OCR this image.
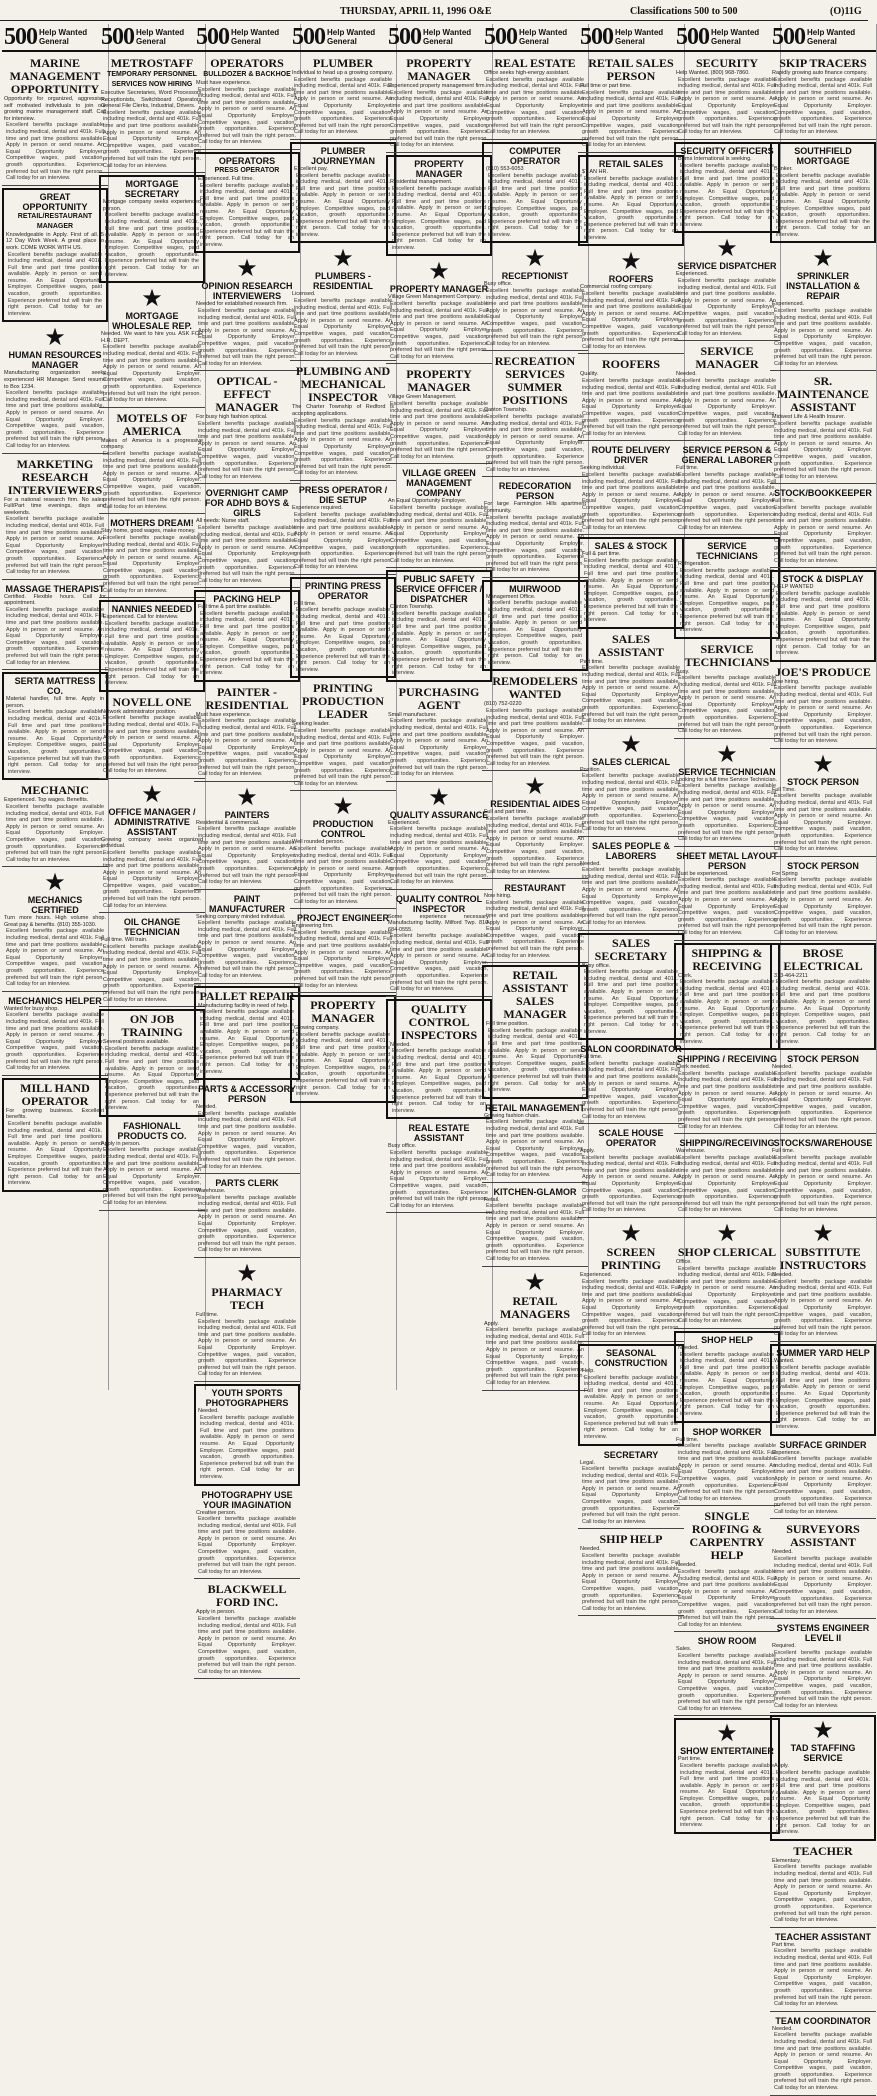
THURSDAY, APRIL 11, 1996 O&E	Classifications 500 to 500	(O)11G
500 Help Wanted
General
MARINE MANAGEMENT OPPORTUNITY
Opportunity for organized, aggressive, self motivated individuals to join our growing marine management staff. Call for interview.
Excellent benefits package available including medical, dental and 401k. Full time and part time positions available. Apply in person or send resume. An Equal Opportunity Employer. Competitive wages, paid vacation, growth opportunities. Experience preferred but will train the right person. Call today for an interview.
GREAT OPPORTUNITY
RETAIL/RESTAURANT MANAGER
Knowledgeable in Apply. First of all. 5 12 Day Work Week. A great place to work. COME WORK WITH US.
Excellent benefits package available including medical, dental and 401k. Full time and part time positions available. Apply in person or send resume. An Equal Opportunity Employer. Competitive wages, paid vacation, growth opportunities. Experience preferred but will train the right person. Call today for an interview.
★
HUMAN RESOURCES MANAGER
Manufacturing organization seeks experienced HR Manager. Send resume to Box 1234.
Excellent benefits package available including medical, dental and 401k. Full time and part time positions available. Apply in person or send resume. An Equal Opportunity Employer. Competitive wages, paid vacation, growth opportunities. Experience preferred but will train the right person. Call today for an interview.
MARKETING RESEARCH INTERVIEWERS
For a national research firm. No sales. Full/Part time evenings, days and weekends.
Excellent benefits package available including medical, dental and 401k. Full time and part time positions available. Apply in person or send resume. An Equal Opportunity Employer. Competitive wages, paid vacation, growth opportunities. Experience preferred but will train the right person. Call today for an interview.
MASSAGE THERAPIST
Certified. Flexible hours. Call for appointment.
Excellent benefits package available including medical, dental and 401k. Full time and part time positions available. Apply in person or send resume. An Equal Opportunity Employer. Competitive wages, paid vacation, growth opportunities. Experience preferred but will train the right person. Call today for an interview.
SERTA MATTRESS CO.
Material handler, full time. Apply in person.
Excellent benefits package available including medical, dental and 401k. Full time and part time positions available. Apply in person or send resume. An Equal Opportunity Employer. Competitive wages, paid vacation, growth opportunities. Experience preferred but will train the right person. Call today for an interview.
MECHANIC
Experienced. Top wages. Benefits.
Excellent benefits package available including medical, dental and 401k. Full time and part time positions available. Apply in person or send resume. An Equal Opportunity Employer. Competitive wages, paid vacation, growth opportunities. Experience preferred but will train the right person. Call today for an interview.
★
MECHANICS CERTIFIED
Turn more hours. High volume shop. Great pay & benefits. (810) 355-1030.
Excellent benefits package available including medical, dental and 401k. Full time and part time positions available. Apply in person or send resume. An Equal Opportunity Employer. Competitive wages, paid vacation, growth opportunities. Experience preferred but will train the right person. Call today for an interview.
MECHANICS HELPER
Wanted for busy shop.
Excellent benefits package available including medical, dental and 401k. Full time and part time positions available. Apply in person or send resume. An Equal Opportunity Employer. Competitive wages, paid vacation, growth opportunities. Experience preferred but will train the right person. Call today for an interview.
MILL HAND OPERATOR
For growing business. Excellent benefits.
Excellent benefits package available including medical, dental and 401k. Full time and part time positions available. Apply in person or send resume. An Equal Opportunity Employer. Competitive wages, paid vacation, growth opportunities. Experience preferred but will train the right person. Call today for an interview.
500 Help Wanted
General
METROSTAFF
TEMPORARY PERSONNEL SERVICES NOW HIRING
Executive Secretaries, Word Processors, Receptionists, Switchboard Operators, General File Clerks, Industrial, Drivers.
Excellent benefits package available including medical, dental and 401k. Full time and part time positions available. Apply in person or send resume. An Equal Opportunity Employer. Competitive wages, paid vacation, growth opportunities. Experience preferred but will train the right person. Call today for an interview.
MORTGAGE SECRETARY
Mortgage company seeks experienced person.
Excellent benefits package available including medical, dental and 401k. Full time and part time positions available. Apply in person or send resume. An Equal Opportunity Employer. Competitive wages, paid vacation, growth opportunities. Experience preferred but will train the right person. Call today for an interview.
★
MORTGAGE WHOLESALE REP.
Needed. We want to hire you. ASK FOR H.R. DEPT.
Excellent benefits package available including medical, dental and 401k. Full time and part time positions available. Apply in person or send resume. An Equal Opportunity Employer. Competitive wages, paid vacation, growth opportunities. Experience preferred but will train the right person. Call today for an interview.
MOTELS OF AMERICA
Makes of America is a progressive company.
Excellent benefits package available including medical, dental and 401k. Full time and part time positions available. Apply in person or send resume. An Equal Opportunity Employer. Competitive wages, paid vacation, growth opportunities. Experience preferred but will train the right person. Call today for an interview.
MOTHERS DREAM!
Stay home, good wages, make money.
Excellent benefits package available including medical, dental and 401k. Full time and part time positions available. Apply in person or send resume. An Equal Opportunity Employer. Competitive wages, paid vacation, growth opportunities. Experience preferred but will train the right person. Call today for an interview.
NANNIES NEEDED
Experienced. Call for interview.
Excellent benefits package available including medical, dental and 401k. Full time and part time positions available. Apply in person or send resume. An Equal Opportunity Employer. Competitive wages, paid vacation, growth opportunities. Experience preferred but will train the right person. Call today for an interview.
NOVELL ONE
Network administrator position.
Excellent benefits package available including medical, dental and 401k. Full time and part time positions available. Apply in person or send resume. An Equal Opportunity Employer. Competitive wages, paid vacation, growth opportunities. Experience preferred but will train the right person. Call today for an interview.
★
OFFICE MANAGER / ADMINISTRATIVE ASSISTANT
Growing company seeks organized individual.
Excellent benefits package available including medical, dental and 401k. Full time and part time positions available. Apply in person or send resume. An Equal Opportunity Employer. Competitive wages, paid vacation, growth opportunities. Experience preferred but will train the right person. Call today for an interview.
OIL CHANGE TECHNICIAN
Full time. Will train.
Excellent benefits package available including medical, dental and 401k. Full time and part time positions available. Apply in person or send resume. An Equal Opportunity Employer. Competitive wages, paid vacation, growth opportunities. Experience preferred but will train the right person. Call today for an interview.
ON JOB TRAINING
Several positions available.
Excellent benefits package available including medical, dental and 401k. Full time and part time positions available. Apply in person or send resume. An Equal Opportunity Employer. Competitive wages, paid vacation, growth opportunities. Experience preferred but will train the right person. Call today for an interview.
FASHIONALL PRODUCTS CO.
Apply in person.
Excellent benefits package available including medical, dental and 401k. Full time and part time positions available. Apply in person or send resume. An Equal Opportunity Employer. Competitive wages, paid vacation, growth opportunities. Experience preferred but will train the right person. Call today for an interview.
500 Help Wanted
General
OPERATORS
BULLDOZER & BACKHOE
Must have experience.
Excellent benefits package available including medical, dental and 401k. Full time and part time positions available. Apply in person or send resume. An Equal Opportunity Employer. Competitive wages, paid vacation, growth opportunities. Experience preferred but will train the right person. Call today for an interview.
OPERATORS
PRESS OPERATOR
Experienced. Full time.
Excellent benefits package available including medical, dental and 401k. Full time and part time positions available. Apply in person or send resume. An Equal Opportunity Employer. Competitive wages, paid vacation, growth opportunities. Experience preferred but will train the right person. Call today for an interview.
★
OPINION RESEARCH INTERVIEWERS
Needed for established research firm.
Excellent benefits package available including medical, dental and 401k. Full time and part time positions available. Apply in person or send resume. An Equal Opportunity Employer. Competitive wages, paid vacation, growth opportunities. Experience preferred but will train the right person. Call today for an interview.
OPTICAL - EFFECT MANAGER
For busy high fashion optical.
Excellent benefits package available including medical, dental and 401k. Full time and part time positions available. Apply in person or send resume. An Equal Opportunity Employer. Competitive wages, paid vacation, growth opportunities. Experience preferred but will train the right person. Call today for an interview.
OVERNIGHT CAMP FOR ADHD BOYS & GIRLS
All needs: Nurse staff.
Excellent benefits package available including medical, dental and 401k. Full time and part time positions available. Apply in person or send resume. An Equal Opportunity Employer. Competitive wages, paid vacation, growth opportunities. Experience preferred but will train the right person. Call today for an interview.
PACKING HELP
Full time & part time available.
Excellent benefits package available including medical, dental and 401k. Full time and part time positions available. Apply in person or send resume. An Equal Opportunity Employer. Competitive wages, paid vacation, growth opportunities. Experience preferred but will train the right person. Call today for an interview.
PAINTER - RESIDENTIAL
Must have experience.
Excellent benefits package available including medical, dental and 401k. Full time and part time positions available. Apply in person or send resume. An Equal Opportunity Employer. Competitive wages, paid vacation, growth opportunities. Experience preferred but will train the right person. Call today for an interview.
★
PAINTERS
Residential & commercial.
Excellent benefits package available including medical, dental and 401k. Full time and part time positions available. Apply in person or send resume. An Equal Opportunity Employer. Competitive wages, paid vacation, growth opportunities. Experience preferred but will train the right person. Call today for an interview.
PAINT MANUFACTURER
Seeking company minded individual.
Excellent benefits package available including medical, dental and 401k. Full time and part time positions available. Apply in person or send resume. An Equal Opportunity Employer. Competitive wages, paid vacation, growth opportunities. Experience preferred but will train the right person. Call today for an interview.
PALLET REPAIR
Manufacturing facility in need of help.
Excellent benefits package available including medical, dental and 401k. Full time and part time positions available. Apply in person or send resume. An Equal Opportunity Employer. Competitive wages, paid vacation, growth opportunities. Experience preferred but will train the right person. Call today for an interview.
PARTS & ACCESSORY PERSON
Needed.
Excellent benefits package available including medical, dental and 401k. Full time and part time positions available. Apply in person or send resume. An Equal Opportunity Employer. Competitive wages, paid vacation, growth opportunities. Experience preferred but will train the right person. Call today for an interview.
PARTS CLERK
Warehouse.
Excellent benefits package available including medical, dental and 401k. Full time and part time positions available. Apply in person or send resume. An Equal Opportunity Employer. Competitive wages, paid vacation, growth opportunities. Experience preferred but will train the right person. Call today for an interview.
★
PHARMACY TECH
Full time.
Excellent benefits package available including medical, dental and 401k. Full time and part time positions available. Apply in person or send resume. An Equal Opportunity Employer. Competitive wages, paid vacation, growth opportunities. Experience preferred but will train the right person. Call today for an interview.
YOUTH SPORTS PHOTOGRAPHERS
Needed.
Excellent benefits package available including medical, dental and 401k. Full time and part time positions available. Apply in person or send resume. An Equal Opportunity Employer. Competitive wages, paid vacation, growth opportunities. Experience preferred but will train the right person. Call today for an interview.
PHOTOGRAPHY USE YOUR IMAGINATION
Creative person.
Excellent benefits package available including medical, dental and 401k. Full time and part time positions available. Apply in person or send resume. An Equal Opportunity Employer. Competitive wages, paid vacation, growth opportunities. Experience preferred but will train the right person. Call today for an interview.
BLACKWELL FORD INC.
Apply in person.
Excellent benefits package available including medical, dental and 401k. Full time and part time positions available. Apply in person or send resume. An Equal Opportunity Employer. Competitive wages, paid vacation, growth opportunities. Experience preferred but will train the right person. Call today for an interview.
500 Help Wanted
General
PLUMBER
Individual to head up a growing company.
Excellent benefits package available including medical, dental and 401k. Full time and part time positions available. Apply in person or send resume. An Equal Opportunity Employer. Competitive wages, paid vacation, growth opportunities. Experience preferred but will train the right person. Call today for an interview.
PLUMBER JOURNEYMAN
Excellent pay.
Excellent benefits package available including medical, dental and 401k. Full time and part time positions available. Apply in person or send resume. An Equal Opportunity Employer. Competitive wages, paid vacation, growth opportunities. Experience preferred but will train the right person. Call today for an interview.
★
PLUMBERS - RESIDENTIAL
Licensed.
Excellent benefits package available including medical, dental and 401k. Full time and part time positions available. Apply in person or send resume. An Equal Opportunity Employer. Competitive wages, paid vacation, growth opportunities. Experience preferred but will train the right person. Call today for an interview.
PLUMBING AND MECHANICAL INSPECTOR
The Charter Township of Redford is accepting applications.
Excellent benefits package available including medical, dental and 401k. Full time and part time positions available. Apply in person or send resume. An Equal Opportunity Employer. Competitive wages, paid vacation, growth opportunities. Experience preferred but will train the right person. Call today for an interview.
PRESS OPERATOR / DIE SETUP
Experience required.
Excellent benefits package available including medical, dental and 401k. Full time and part time positions available. Apply in person or send resume. An Equal Opportunity Employer. Competitive wages, paid vacation, growth opportunities. Experience preferred but will train the right person. Call today for an interview.
PRINTING PRESS OPERATOR
Full time.
Excellent benefits package available including medical, dental and 401k. Full time and part time positions available. Apply in person or send resume. An Equal Opportunity Employer. Competitive wages, paid vacation, growth opportunities. Experience preferred but will train the right person. Call today for an interview.
PRINTING PRODUCTION LEADER
Seeking leader.
Excellent benefits package available including medical, dental and 401k. Full time and part time positions available. Apply in person or send resume. An Equal Opportunity Employer. Competitive wages, paid vacation, growth opportunities. Experience preferred but will train the right person. Call today for an interview.
★
PRODUCTION CONTROL
Well rounded person.
Excellent benefits package available including medical, dental and 401k. Full time and part time positions available. Apply in person or send resume. An Equal Opportunity Employer. Competitive wages, paid vacation, growth opportunities. Experience preferred but will train the right person. Call today for an interview.
PROJECT ENGINEER
Engineering firm.
Excellent benefits package available including medical, dental and 401k. Full time and part time positions available. Apply in person or send resume. An Equal Opportunity Employer. Competitive wages, paid vacation, growth opportunities. Experience preferred but will train the right person. Call today for an interview.
PROPERTY MANAGER
Growing company.
Excellent benefits package available including medical, dental and 401k. Full time and part time positions available. Apply in person or send resume. An Equal Opportunity Employer. Competitive wages, paid vacation, growth opportunities. Experience preferred but will train the right person. Call today for an interview.
500 Help Wanted
General
PROPERTY MANAGER
Experienced property management firm.
Excellent benefits package available including medical, dental and 401k. Full time and part time positions available. Apply in person or send resume. An Equal Opportunity Employer. Competitive wages, paid vacation, growth opportunities. Experience preferred but will train the right person. Call today for an interview.
PROPERTY MANAGER
Residential management.
Excellent benefits package available including medical, dental and 401k. Full time and part time positions available. Apply in person or send resume. An Equal Opportunity Employer. Competitive wages, paid vacation, growth opportunities. Experience preferred but will train the right person. Call today for an interview.
★
PROPERTY MANAGER
Village Green Management Company.
Excellent benefits package available including medical, dental and 401k. Full time and part time positions available. Apply in person or send resume. An Equal Opportunity Employer. Competitive wages, paid vacation, growth opportunities. Experience preferred but will train the right person. Call today for an interview.
PROPERTY MANAGER
Village Green Management.
Excellent benefits package available including medical, dental and 401k. Full time and part time positions available. Apply in person or send resume. An Equal Opportunity Employer. Competitive wages, paid vacation, growth opportunities. Experience preferred but will train the right person. Call today for an interview.
VILLAGE GREEN MANAGEMENT COMPANY
An Equal Opportunity Employer.
Excellent benefits package available including medical, dental and 401k. Full time and part time positions available. Apply in person or send resume. An Equal Opportunity Employer. Competitive wages, paid vacation, growth opportunities. Experience preferred but will train the right person. Call today for an interview.
PUBLIC SAFETY SERVICE OFFICER / DISPATCHER
Canton Township.
Excellent benefits package available including medical, dental and 401k. Full time and part time positions available. Apply in person or send resume. An Equal Opportunity Employer. Competitive wages, paid vacation, growth opportunities. Experience preferred but will train the right person. Call today for an interview.
PURCHASING AGENT
Small manufacturer.
Excellent benefits package available including medical, dental and 401k. Full time and part time positions available. Apply in person or send resume. An Equal Opportunity Employer. Competitive wages, paid vacation, growth opportunities. Experience preferred but will train the right person. Call today for an interview.
★
QUALITY ASSURANCE
Experienced.
Excellent benefits package available including medical, dental and 401k. Full time and part time positions available. Apply in person or send resume. An Equal Opportunity Employer. Competitive wages, paid vacation, growth opportunities. Experience preferred but will train the right person. Call today for an interview.
QUALITY CONTROL INSPECTOR
Some experience necessary. Manufacturing facility. Milford Twp. 810-684-0555.
Excellent benefits package available including medical, dental and 401k. Full time and part time positions available. Apply in person or send resume. An Equal Opportunity Employer. Competitive wages, paid vacation, growth opportunities. Experience preferred but will train the right person. Call today for an interview.
QUALITY CONTROL INSPECTORS
Needed.
Excellent benefits package available including medical, dental and 401k. Full time and part time positions available. Apply in person or send resume. An Equal Opportunity Employer. Competitive wages, paid vacation, growth opportunities. Experience preferred but will train the right person. Call today for an interview.
REAL ESTATE ASSISTANT
Busy office.
Excellent benefits package available including medical, dental and 401k. Full time and part time positions available. Apply in person or send resume. An Equal Opportunity Employer. Competitive wages, paid vacation, growth opportunities. Experience preferred but will train the right person. Call today for an interview.
500 Help Wanted
General
REAL ESTATE
Office seeks high-energy assistant.
Excellent benefits package available including medical, dental and 401k. Full time and part time positions available. Apply in person or send resume. An Equal Opportunity Employer. Competitive wages, paid vacation, growth opportunities. Experience preferred but will train the right person. Call today for an interview.
COMPUTER OPERATOR
(810) 553-6053
Excellent benefits package available including medical, dental and 401k. Full time and part time positions available. Apply in person or send resume. An Equal Opportunity Employer. Competitive wages, paid vacation, growth opportunities. Experience preferred but will train the right person. Call today for an interview.
★
RECEPTIONIST
Busy office.
Excellent benefits package available including medical, dental and 401k. Full time and part time positions available. Apply in person or send resume. An Equal Opportunity Employer. Competitive wages, paid vacation, growth opportunities. Experience preferred but will train the right person. Call today for an interview.
RECREATION SERVICES SUMMER POSITIONS
Canton Township.
Excellent benefits package available including medical, dental and 401k. Full time and part time positions available. Apply in person or send resume. An Equal Opportunity Employer. Competitive wages, paid vacation, growth opportunities. Experience preferred but will train the right person. Call today for an interview.
REDECORATION PERSON
For large Farmington Hills apartment community.
Excellent benefits package available including medical, dental and 401k. Full time and part time positions available. Apply in person or send resume. An Equal Opportunity Employer. Competitive wages, paid vacation, growth opportunities. Experience preferred but will train the right person. Call today for an interview.
MUIRWOOD
Management Office.
Excellent benefits package available including medical, dental and 401k. Full time and part time positions available. Apply in person or send resume. An Equal Opportunity Employer. Competitive wages, paid vacation, growth opportunities. Experience preferred but will train the right person. Call today for an interview.
REMODELERS WANTED
(810) 752-0220
Excellent benefits package available including medical, dental and 401k. Full time and part time positions available. Apply in person or send resume. An Equal Opportunity Employer. Competitive wages, paid vacation, growth opportunities. Experience preferred but will train the right person. Call today for an interview.
★
RESIDENTIAL AIDES
Full and part time.
Excellent benefits package available including medical, dental and 401k. Full time and part time positions available. Apply in person or send resume. An Equal Opportunity Employer. Competitive wages, paid vacation, growth opportunities. Experience preferred but will train the right person. Call today for an interview.
RESTAURANT
Now hiring.
Excellent benefits package available including medical, dental and 401k. Full time and part time positions available. Apply in person or send resume. An Equal Opportunity Employer. Competitive wages, paid vacation, growth opportunities. Experience preferred but will train the right person. Call today for an interview.
RETAIL ASSISTANT SALES MANAGER
Full time position.
Excellent benefits package available including medical, dental and 401k. Full time and part time positions available. Apply in person or send resume. An Equal Opportunity Employer. Competitive wages, paid vacation, growth opportunities. Experience preferred but will train the right person. Call today for an interview.
RETAIL MANAGEMENT
Growing fashion chain.
Excellent benefits package available including medical, dental and 401k. Full time and part time positions available. Apply in person or send resume. An Equal Opportunity Employer. Competitive wages, paid vacation, growth opportunities. Experience preferred but will train the right person. Call today for an interview.
KITCHEN-GLAMOR
Retail.
Excellent benefits package available including medical, dental and 401k. Full time and part time positions available. Apply in person or send resume. An Equal Opportunity Employer. Competitive wages, paid vacation, growth opportunities. Experience preferred but will train the right person. Call today for an interview.
★
RETAIL MANAGERS
Apply.
Excellent benefits package available including medical, dental and 401k. Full time and part time positions available. Apply in person or send resume. An Equal Opportunity Employer. Competitive wages, paid vacation, growth opportunities. Experience preferred but will train the right person. Call today for an interview.
500 Help Wanted
General
RETAIL SALES PERSON
Full time or part time.
Excellent benefits package available including medical, dental and 401k. Full time and part time positions available. Apply in person or send resume. An Equal Opportunity Employer. Competitive wages, paid vacation, growth opportunities. Experience preferred but will train the right person. Call today for an interview.
RETAIL SALES
$7 AN HR.
Excellent benefits package available including medical, dental and 401k. Full time and part time positions available. Apply in person or send resume. An Equal Opportunity Employer. Competitive wages, paid vacation, growth opportunities. Experience preferred but will train the right person. Call today for an interview.
★
ROOFERS
Commercial roofing company.
Excellent benefits package available including medical, dental and 401k. Full time and part time positions available. Apply in person or send resume. An Equal Opportunity Employer. Competitive wages, paid vacation, growth opportunities. Experience preferred but will train the right person. Call today for an interview.
ROOFERS
Quality.
Excellent benefits package available including medical, dental and 401k. Full time and part time positions available. Apply in person or send resume. An Equal Opportunity Employer. Competitive wages, paid vacation, growth opportunities. Experience preferred but will train the right person. Call today for an interview.
ROUTE DELIVERY DRIVER
Seeking individual.
Excellent benefits package available including medical, dental and 401k. Full time and part time positions available. Apply in person or send resume. An Equal Opportunity Employer. Competitive wages, paid vacation, growth opportunities. Experience preferred but will train the right person. Call today for an interview.
SALES & STOCK
Full & part time.
Excellent benefits package available including medical, dental and 401k. Full time and part time positions available. Apply in person or send resume. An Equal Opportunity Employer. Competitive wages, paid vacation, growth opportunities. Experience preferred but will train the right person. Call today for an interview.
SALES ASSISTANT
Part time.
Excellent benefits package available including medical, dental and 401k. Full time and part time positions available. Apply in person or send resume. An Equal Opportunity Employer. Competitive wages, paid vacation, growth opportunities. Experience preferred but will train the right person. Call today for an interview.
★
SALES CLERICAL
Position.
Excellent benefits package available including medical, dental and 401k. Full time and part time positions available. Apply in person or send resume. An Equal Opportunity Employer. Competitive wages, paid vacation, growth opportunities. Experience preferred but will train the right person. Call today for an interview.
SALES PEOPLE & LABORERS
Needed.
Excellent benefits package available including medical, dental and 401k. Full time and part time positions available. Apply in person or send resume. An Equal Opportunity Employer. Competitive wages, paid vacation, growth opportunities. Experience preferred but will train the right person. Call today for an interview.
SALES SECRETARY
Busy office.
Excellent benefits package available including medical, dental and 401k. Full time and part time positions available. Apply in person or send resume. An Equal Opportunity Employer. Competitive wages, paid vacation, growth opportunities. Experience preferred but will train the right person. Call today for an interview.
SALON COORDINATOR
Full time.
Excellent benefits package available including medical, dental and 401k. Full time and part time positions available. Apply in person or send resume. An Equal Opportunity Employer. Competitive wages, paid vacation, growth opportunities. Experience preferred but will train the right person. Call today for an interview.
SCALE HOUSE OPERATOR
Apply.
Excellent benefits package available including medical, dental and 401k. Full time and part time positions available. Apply in person or send resume. An Equal Opportunity Employer. Competitive wages, paid vacation, growth opportunities. Experience preferred but will train the right person. Call today for an interview.
★
SCREEN PRINTING
Experienced.
Excellent benefits package available including medical, dental and 401k. Full time and part time positions available. Apply in person or send resume. An Equal Opportunity Employer. Competitive wages, paid vacation, growth opportunities. Experience preferred but will train the right person. Call today for an interview.
SEASONAL CONSTRUCTION
Help.
Excellent benefits package available including medical, dental and 401k. Full time and part time positions available. Apply in person or send resume. An Equal Opportunity Employer. Competitive wages, paid vacation, growth opportunities. Experience preferred but will train the right person. Call today for an interview.
SECRETARY
Legal.
Excellent benefits package available including medical, dental and 401k. Full time and part time positions available. Apply in person or send resume. An Equal Opportunity Employer. Competitive wages, paid vacation, growth opportunities. Experience preferred but will train the right person. Call today for an interview.
SHIP HELP
Needed.
Excellent benefits package available including medical, dental and 401k. Full time and part time positions available. Apply in person or send resume. An Equal Opportunity Employer. Competitive wages, paid vacation, growth opportunities. Experience preferred but will train the right person. Call today for an interview.
500 Help Wanted
General
SECURITY
Help Wanted. (800) 968-7860.
Excellent benefits package available including medical, dental and 401k. Full time and part time positions available. Apply in person or send resume. An Equal Opportunity Employer. Competitive wages, paid vacation, growth opportunities. Experience preferred but will train the right person. Call today for an interview.
SECURITY OFFICERS
Burns International is seeking.
Excellent benefits package available including medical, dental and 401k. Full time and part time positions available. Apply in person or send resume. An Equal Opportunity Employer. Competitive wages, paid vacation, growth opportunities. Experience preferred but will train the right person. Call today for an interview.
★
SERVICE DISPATCHER
Experienced.
Excellent benefits package available including medical, dental and 401k. Full time and part time positions available. Apply in person or send resume. An Equal Opportunity Employer. Competitive wages, paid vacation, growth opportunities. Experience preferred but will train the right person. Call today for an interview.
SERVICE MANAGER
Needed.
Excellent benefits package available including medical, dental and 401k. Full time and part time positions available. Apply in person or send resume. An Equal Opportunity Employer. Competitive wages, paid vacation, growth opportunities. Experience preferred but will train the right person. Call today for an interview.
SERVICE PERSON & GENERAL LABORER
Full time.
Excellent benefits package available including medical, dental and 401k. Full time and part time positions available. Apply in person or send resume. An Equal Opportunity Employer. Competitive wages, paid vacation, growth opportunities. Experience preferred but will train the right person. Call today for an interview.
SERVICE TECHNICIANS
Refrigeration.
Excellent benefits package available including medical, dental and 401k. Full time and part time positions available. Apply in person or send resume. An Equal Opportunity Employer. Competitive wages, paid vacation, growth opportunities. Experience preferred but will train the right person. Call today for an interview.
SERVICE TECHNICIANS
Busy.
Excellent benefits package available including medical, dental and 401k. Full time and part time positions available. Apply in person or send resume. An Equal Opportunity Employer. Competitive wages, paid vacation, growth opportunities. Experience preferred but will train the right person. Call today for an interview.
★
SERVICE TECHNICIAN
Looking for a full time Service Technician.
Excellent benefits package available including medical, dental and 401k. Full time and part time positions available. Apply in person or send resume. An Equal Opportunity Employer. Competitive wages, paid vacation, growth opportunities. Experience preferred but will train the right person. Call today for an interview.
SHEET METAL LAYOUT PERSON
Must be experienced.
Excellent benefits package available including medical, dental and 401k. Full time and part time positions available. Apply in person or send resume. An Equal Opportunity Employer. Competitive wages, paid vacation, growth opportunities. Experience preferred but will train the right person. Call today for an interview.
SHIPPING & RECEIVING
Clerk.
Excellent benefits package available including medical, dental and 401k. Full time and part time positions available. Apply in person or send resume. An Equal Opportunity Employer. Competitive wages, paid vacation, growth opportunities. Experience preferred but will train the right person. Call today for an interview.
SHIPPING / RECEIVING
Clerk needed.
Excellent benefits package available including medical, dental and 401k. Full time and part time positions available. Apply in person or send resume. An Equal Opportunity Employer. Competitive wages, paid vacation, growth opportunities. Experience preferred but will train the right person. Call today for an interview.
SHIPPING/RECEIVING
Warehouse.
Excellent benefits package available including medical, dental and 401k. Full time and part time positions available. Apply in person or send resume. An Equal Opportunity Employer. Competitive wages, paid vacation, growth opportunities. Experience preferred but will train the right person. Call today for an interview.
★
SHOP CLERICAL
Office.
Excellent benefits package available including medical, dental and 401k. Full time and part time positions available. Apply in person or send resume. An Equal Opportunity Employer. Competitive wages, paid vacation, growth opportunities. Experience preferred but will train the right person. Call today for an interview.
SHOP HELP
Needed.
Excellent benefits package available including medical, dental and 401k. Full time and part time positions available. Apply in person or send resume. An Equal Opportunity Employer. Competitive wages, paid vacation, growth opportunities. Experience preferred but will train the right person. Call today for an interview.
SHOP WORKER
Full time.
Excellent benefits package available including medical, dental and 401k. Full time and part time positions available. Apply in person or send resume. An Equal Opportunity Employer. Competitive wages, paid vacation, growth opportunities. Experience preferred but will train the right person. Call today for an interview.
SINGLE ROOFING & CARPENTRY HELP
Needed.
Excellent benefits package available including medical, dental and 401k. Full time and part time positions available. Apply in person or send resume. An Equal Opportunity Employer. Competitive wages, paid vacation, growth opportunities. Experience preferred but will train the right person. Call today for an interview.
SHOW ROOM
Sales.
Excellent benefits package available including medical, dental and 401k. Full time and part time positions available. Apply in person or send resume. An Equal Opportunity Employer. Competitive wages, paid vacation, growth opportunities. Experience preferred but will train the right person. Call today for an interview.
★
SHOW ENTERTAINER
Part time.
Excellent benefits package available including medical, dental and 401k. Full time and part time positions available. Apply in person or send resume. An Equal Opportunity Employer. Competitive wages, paid vacation, growth opportunities. Experience preferred but will train the right person. Call today for an interview.
500 Help Wanted
General
SKIP TRACERS
Rapidly growing auto finance company.
Excellent benefits package available including medical, dental and 401k. Full time and part time positions available. Apply in person or send resume. An Equal Opportunity Employer. Competitive wages, paid vacation, growth opportunities. Experience preferred but will train the right person. Call today for an interview.
SOUTHFIELD MORTGAGE
Banker.
Excellent benefits package available including medical, dental and 401k. Full time and part time positions available. Apply in person or send resume. An Equal Opportunity Employer. Competitive wages, paid vacation, growth opportunities. Experience preferred but will train the right person. Call today for an interview.
★
SPRINKLER INSTALLATION & REPAIR
Experienced.
Excellent benefits package available including medical, dental and 401k. Full time and part time positions available. Apply in person or send resume. An Equal Opportunity Employer. Competitive wages, paid vacation, growth opportunities. Experience preferred but will train the right person. Call today for an interview.
SR. MAINTENANCE ASSISTANT
Midwest Life & Health Insurer.
Excellent benefits package available including medical, dental and 401k. Full time and part time positions available. Apply in person or send resume. An Equal Opportunity Employer. Competitive wages, paid vacation, growth opportunities. Experience preferred but will train the right person. Call today for an interview.
STOCK/BOOKKEEPER
Full time.
Excellent benefits package available including medical, dental and 401k. Full time and part time positions available. Apply in person or send resume. An Equal Opportunity Employer. Competitive wages, paid vacation, growth opportunities. Experience preferred but will train the right person. Call today for an interview.
STOCK & DISPLAY
HELP WANTED
Excellent benefits package available including medical, dental and 401k. Full time and part time positions available. Apply in person or send resume. An Equal Opportunity Employer. Competitive wages, paid vacation, growth opportunities. Experience preferred but will train the right person. Call today for an interview.
JOE'S PRODUCE
Now hiring.
Excellent benefits package available including medical, dental and 401k. Full time and part time positions available. Apply in person or send resume. An Equal Opportunity Employer. Competitive wages, paid vacation, growth opportunities. Experience preferred but will train the right person. Call today for an interview.
★
STOCK PERSON
Full Time.
Excellent benefits package available including medical, dental and 401k. Full time and part time positions available. Apply in person or send resume. An Equal Opportunity Employer. Competitive wages, paid vacation, growth opportunities. Experience preferred but will train the right person. Call today for an interview.
STOCK PERSON
For Spring
Excellent benefits package available including medical, dental and 401k. Full time and part time positions available. Apply in person or send resume. An Equal Opportunity Employer. Competitive wages, paid vacation, growth opportunities. Experience preferred but will train the right person. Call today for an interview.
BROSE ELECTRICAL
313-464-2211
Excellent benefits package available including medical, dental and 401k. Full time and part time positions available. Apply in person or send resume. An Equal Opportunity Employer. Competitive wages, paid vacation, growth opportunities. Experience preferred but will train the right person. Call today for an interview.
STOCK PERSON
Needed.
Excellent benefits package available including medical, dental and 401k. Full time and part time positions available. Apply in person or send resume. An Equal Opportunity Employer. Competitive wages, paid vacation, growth opportunities. Experience preferred but will train the right person. Call today for an interview.
STOCKS/WAREHOUSE
Full time.
Excellent benefits package available including medical, dental and 401k. Full time and part time positions available. Apply in person or send resume. An Equal Opportunity Employer. Competitive wages, paid vacation, growth opportunities. Experience preferred but will train the right person. Call today for an interview.
★
SUBSTITUTE INSTRUCTORS
Needed.
Excellent benefits package available including medical, dental and 401k. Full time and part time positions available. Apply in person or send resume. An Equal Opportunity Employer. Competitive wages, paid vacation, growth opportunities. Experience preferred but will train the right person. Call today for an interview.
SUMMER YARD HELP
Wanted.
Excellent benefits package available including medical, dental and 401k. Full time and part time positions available. Apply in person or send resume. An Equal Opportunity Employer. Competitive wages, paid vacation, growth opportunities. Experience preferred but will train the right person. Call today for an interview.
SURFACE GRINDER
Experience.
Excellent benefits package available including medical, dental and 401k. Full time and part time positions available. Apply in person or send resume. An Equal Opportunity Employer. Competitive wages, paid vacation, growth opportunities. Experience preferred but will train the right person. Call today for an interview.
SURVEYORS ASSISTANT
Needed.
Excellent benefits package available including medical, dental and 401k. Full time and part time positions available. Apply in person or send resume. An Equal Opportunity Employer. Competitive wages, paid vacation, growth opportunities. Experience preferred but will train the right person. Call today for an interview.
SYSTEMS ENGINEER LEVEL II
Required.
Excellent benefits package available including medical, dental and 401k. Full time and part time positions available. Apply in person or send resume. An Equal Opportunity Employer. Competitive wages, paid vacation, growth opportunities. Experience preferred but will train the right person. Call today for an interview.
★
TAD STAFFING SERVICE
Apply.
Excellent benefits package available including medical, dental and 401k. Full time and part time positions available. Apply in person or send resume. An Equal Opportunity Employer. Competitive wages, paid vacation, growth opportunities. Experience preferred but will train the right person. Call today for an interview.
TEACHER
Elementary.
Excellent benefits package available including medical, dental and 401k. Full time and part time positions available. Apply in person or send resume. An Equal Opportunity Employer. Competitive wages, paid vacation, growth opportunities. Experience preferred but will train the right person. Call today for an interview.
TEACHER ASSISTANT
Part time.
Excellent benefits package available including medical, dental and 401k. Full time and part time positions available. Apply in person or send resume. An Equal Opportunity Employer. Competitive wages, paid vacation, growth opportunities. Experience preferred but will train the right person. Call today for an interview.
TEAM COORDINATOR
Needed.
Excellent benefits package available including medical, dental and 401k. Full time and part time positions available. Apply in person or send resume. An Equal Opportunity Employer. Competitive wages, paid vacation, growth opportunities. Experience preferred but will train the right person. Call today for an interview.
